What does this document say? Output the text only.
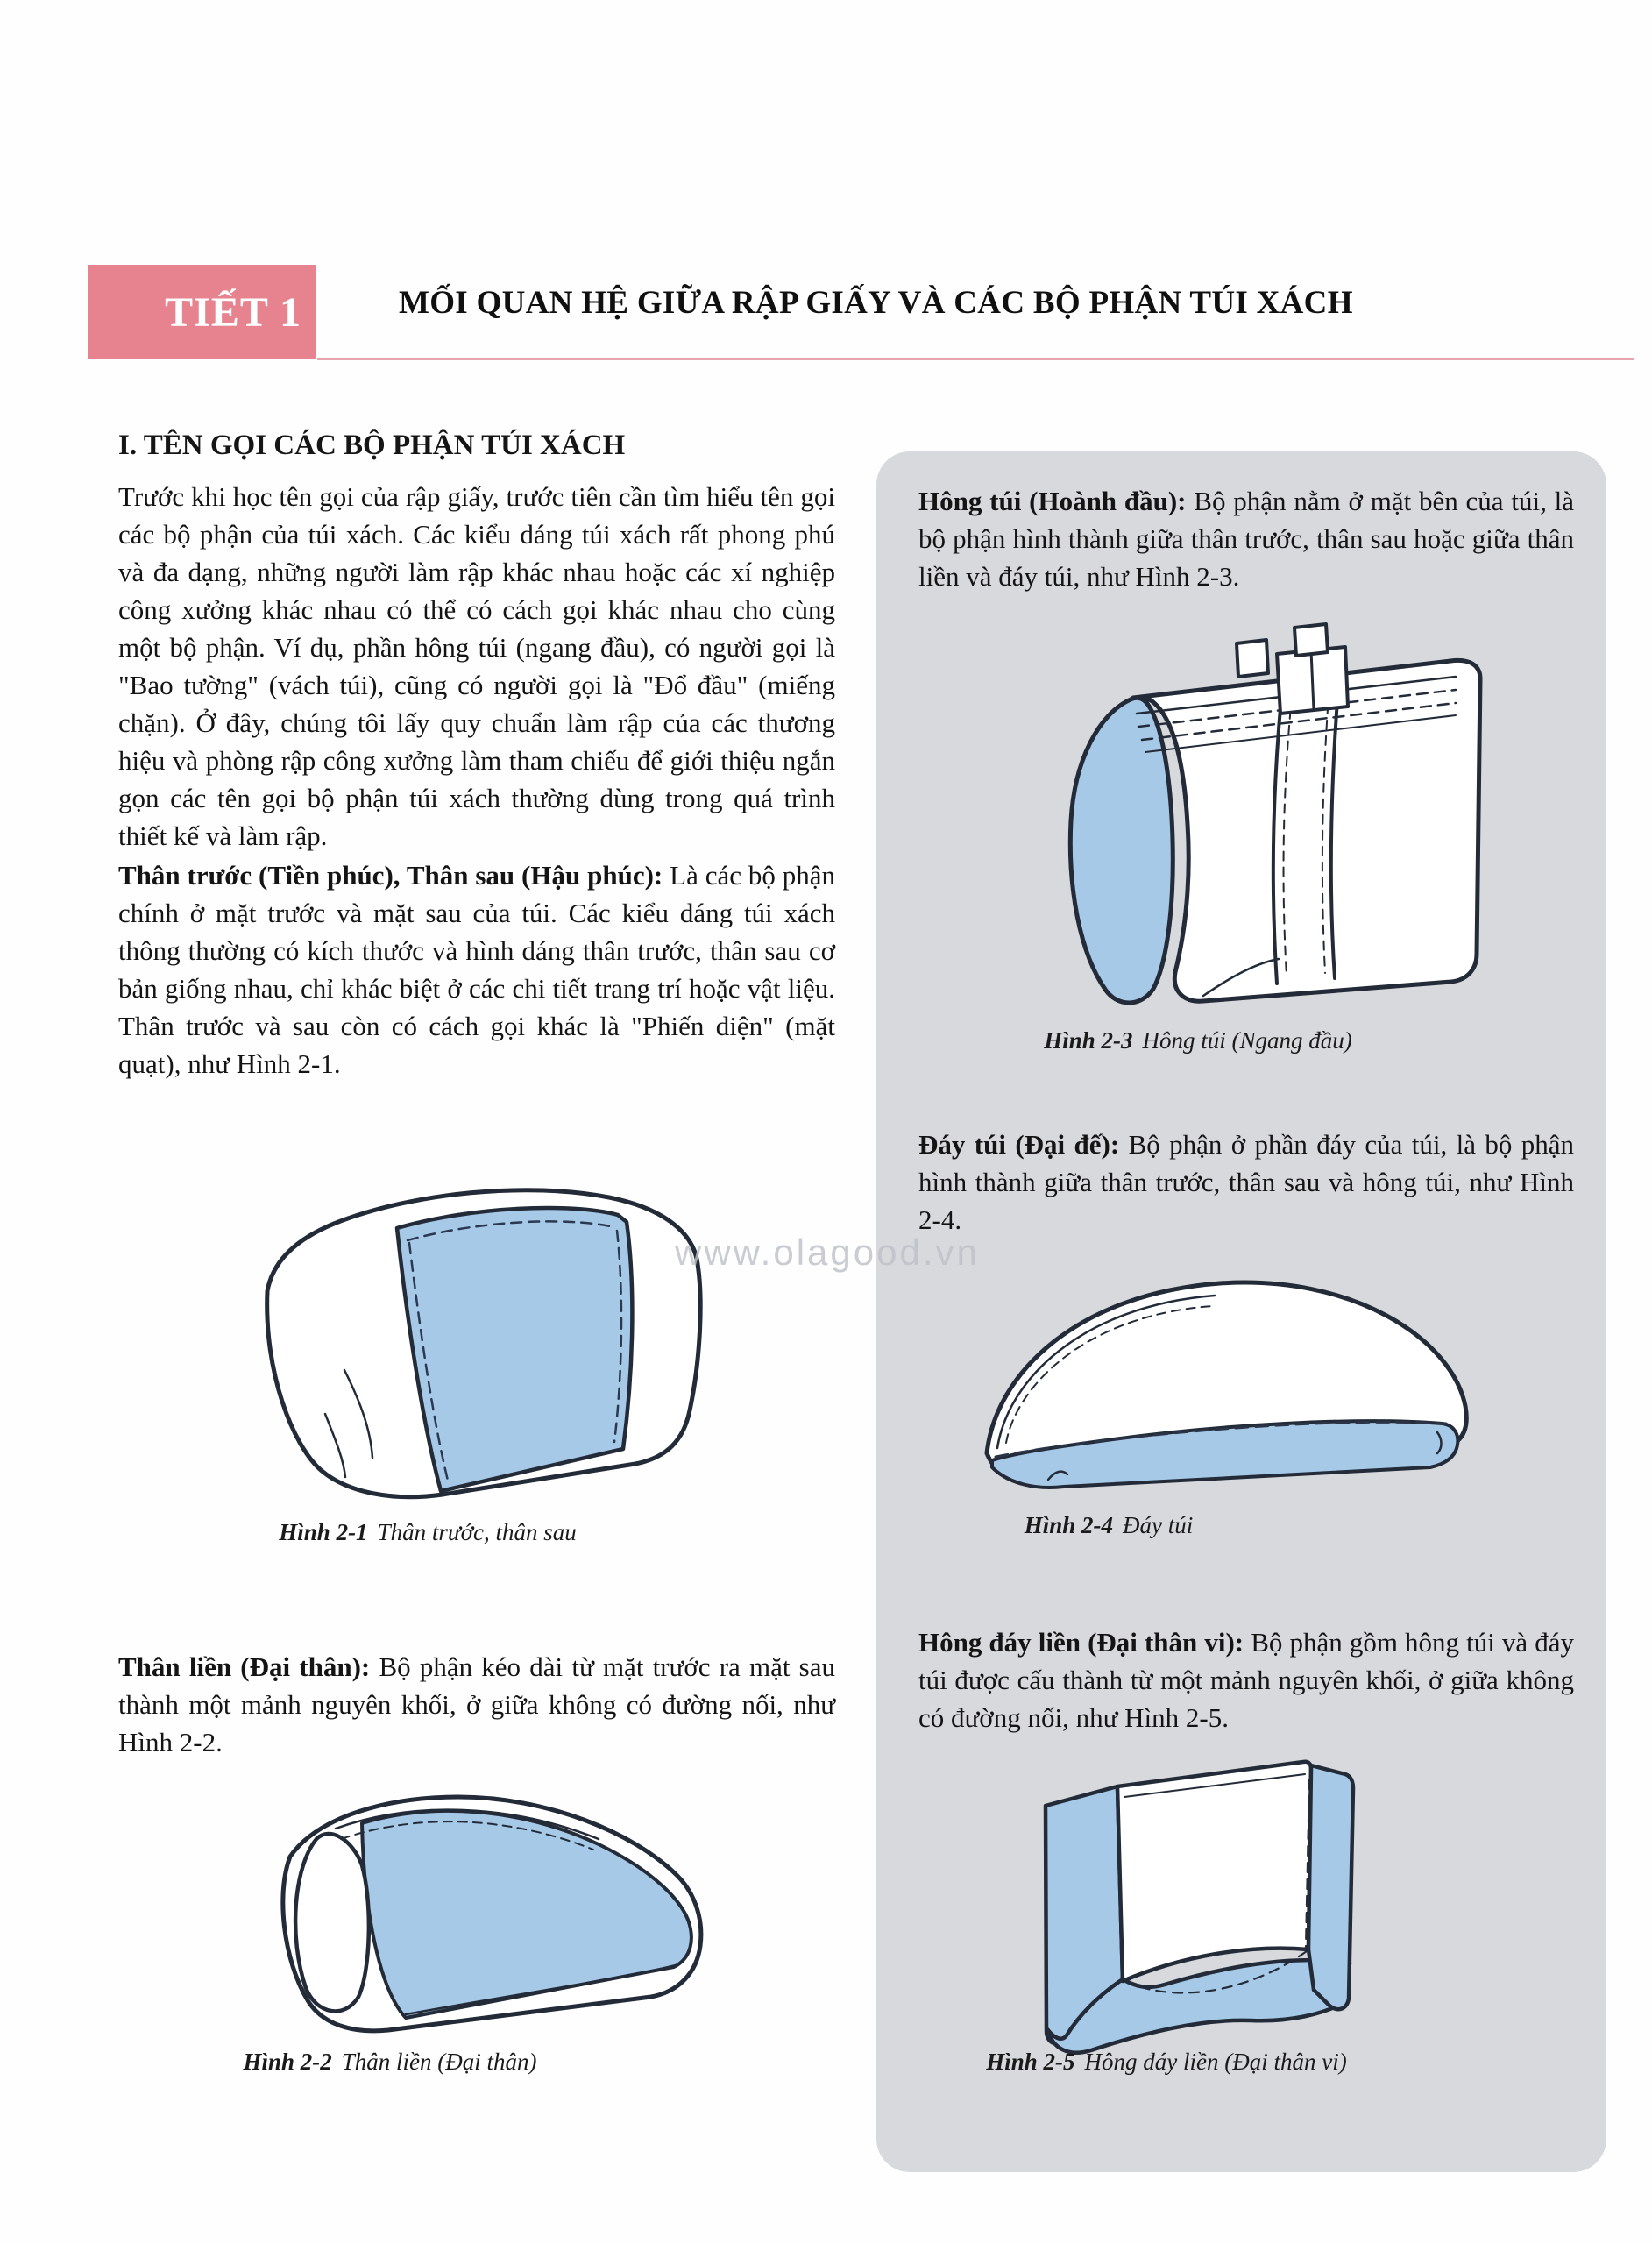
TIẾT 1	MỐI QUAN HỆ GIỮA RẬP GIẤY VÀ CÁC BỘ PHẬN TÚI XÁCH
I. TÊN GỌI CÁC BỘ PHẬN TÚI XÁCH

Trước khi học tên gọi của rập giấy, trước tiên cần tìm hiểu tên gọi các bộ phận của túi xách. Các kiểu dáng túi xách rất phong phú và đa dạng, những người làm rập khác nhau hoặc các xí nghiệp công xưởng khác nhau có thể có cách gọi khác nhau cho cùng một bộ phận. Ví dụ, phần hông túi (ngang đầu), có người gọi là "Bao tường" (vách túi), cũng có người gọi là "Đổ đầu" (miếng chặn). Ở đây, chúng tôi lấy quy chuẩn làm rập của các thương hiệu và phòng rập công xưởng làm tham chiếu để giới thiệu ngắn gọn các tên gọi bộ phận túi xách thường dùng trong quá trình thiết kế và làm rập.

Thân trước (Tiền phúc), Thân sau (Hậu phúc): Là các bộ phận chính ở mặt trước và mặt sau của túi. Các kiểu dáng túi xách thông thường có kích thước và hình dáng thân trước, thân sau cơ bản giống nhau, chỉ khác biệt ở các chi tiết trang trí hoặc vật liệu. Thân trước và sau còn có cách gọi khác là "Phiến diện" (mặt quạt), như Hình 2-1.

Hình 2-1 Thân trước, thân sau

Thân liền (Đại thân): Bộ phận kéo dài từ mặt trước ra mặt sau thành một mảnh nguyên khối, ở giữa không có đường nối, như Hình 2-2.

Hình 2-2 Thân liền (Đại thân)

Hông túi (Hoành đầu): Bộ phận nằm ở mặt bên của túi, là bộ phận hình thành giữa thân trước, thân sau hoặc giữa thân liền và đáy túi, như Hình 2-3.

Hình 2-3 Hông túi (Ngang đầu)

Đáy túi (Đại đế): Bộ phận ở phần đáy của túi, là bộ phận hình thành giữa thân trước, thân sau và hông túi, như Hình 2-4.

Hình 2-4 Đáy túi

Hông đáy liền (Đại thân vi): Bộ phận gồm hông túi và đáy túi được cấu thành từ một mảnh nguyên khối, ở giữa không có đường nối, như Hình 2-5.

Hình 2-5 Hông đáy liền (Đại thân vi)
www.olagood.vn
